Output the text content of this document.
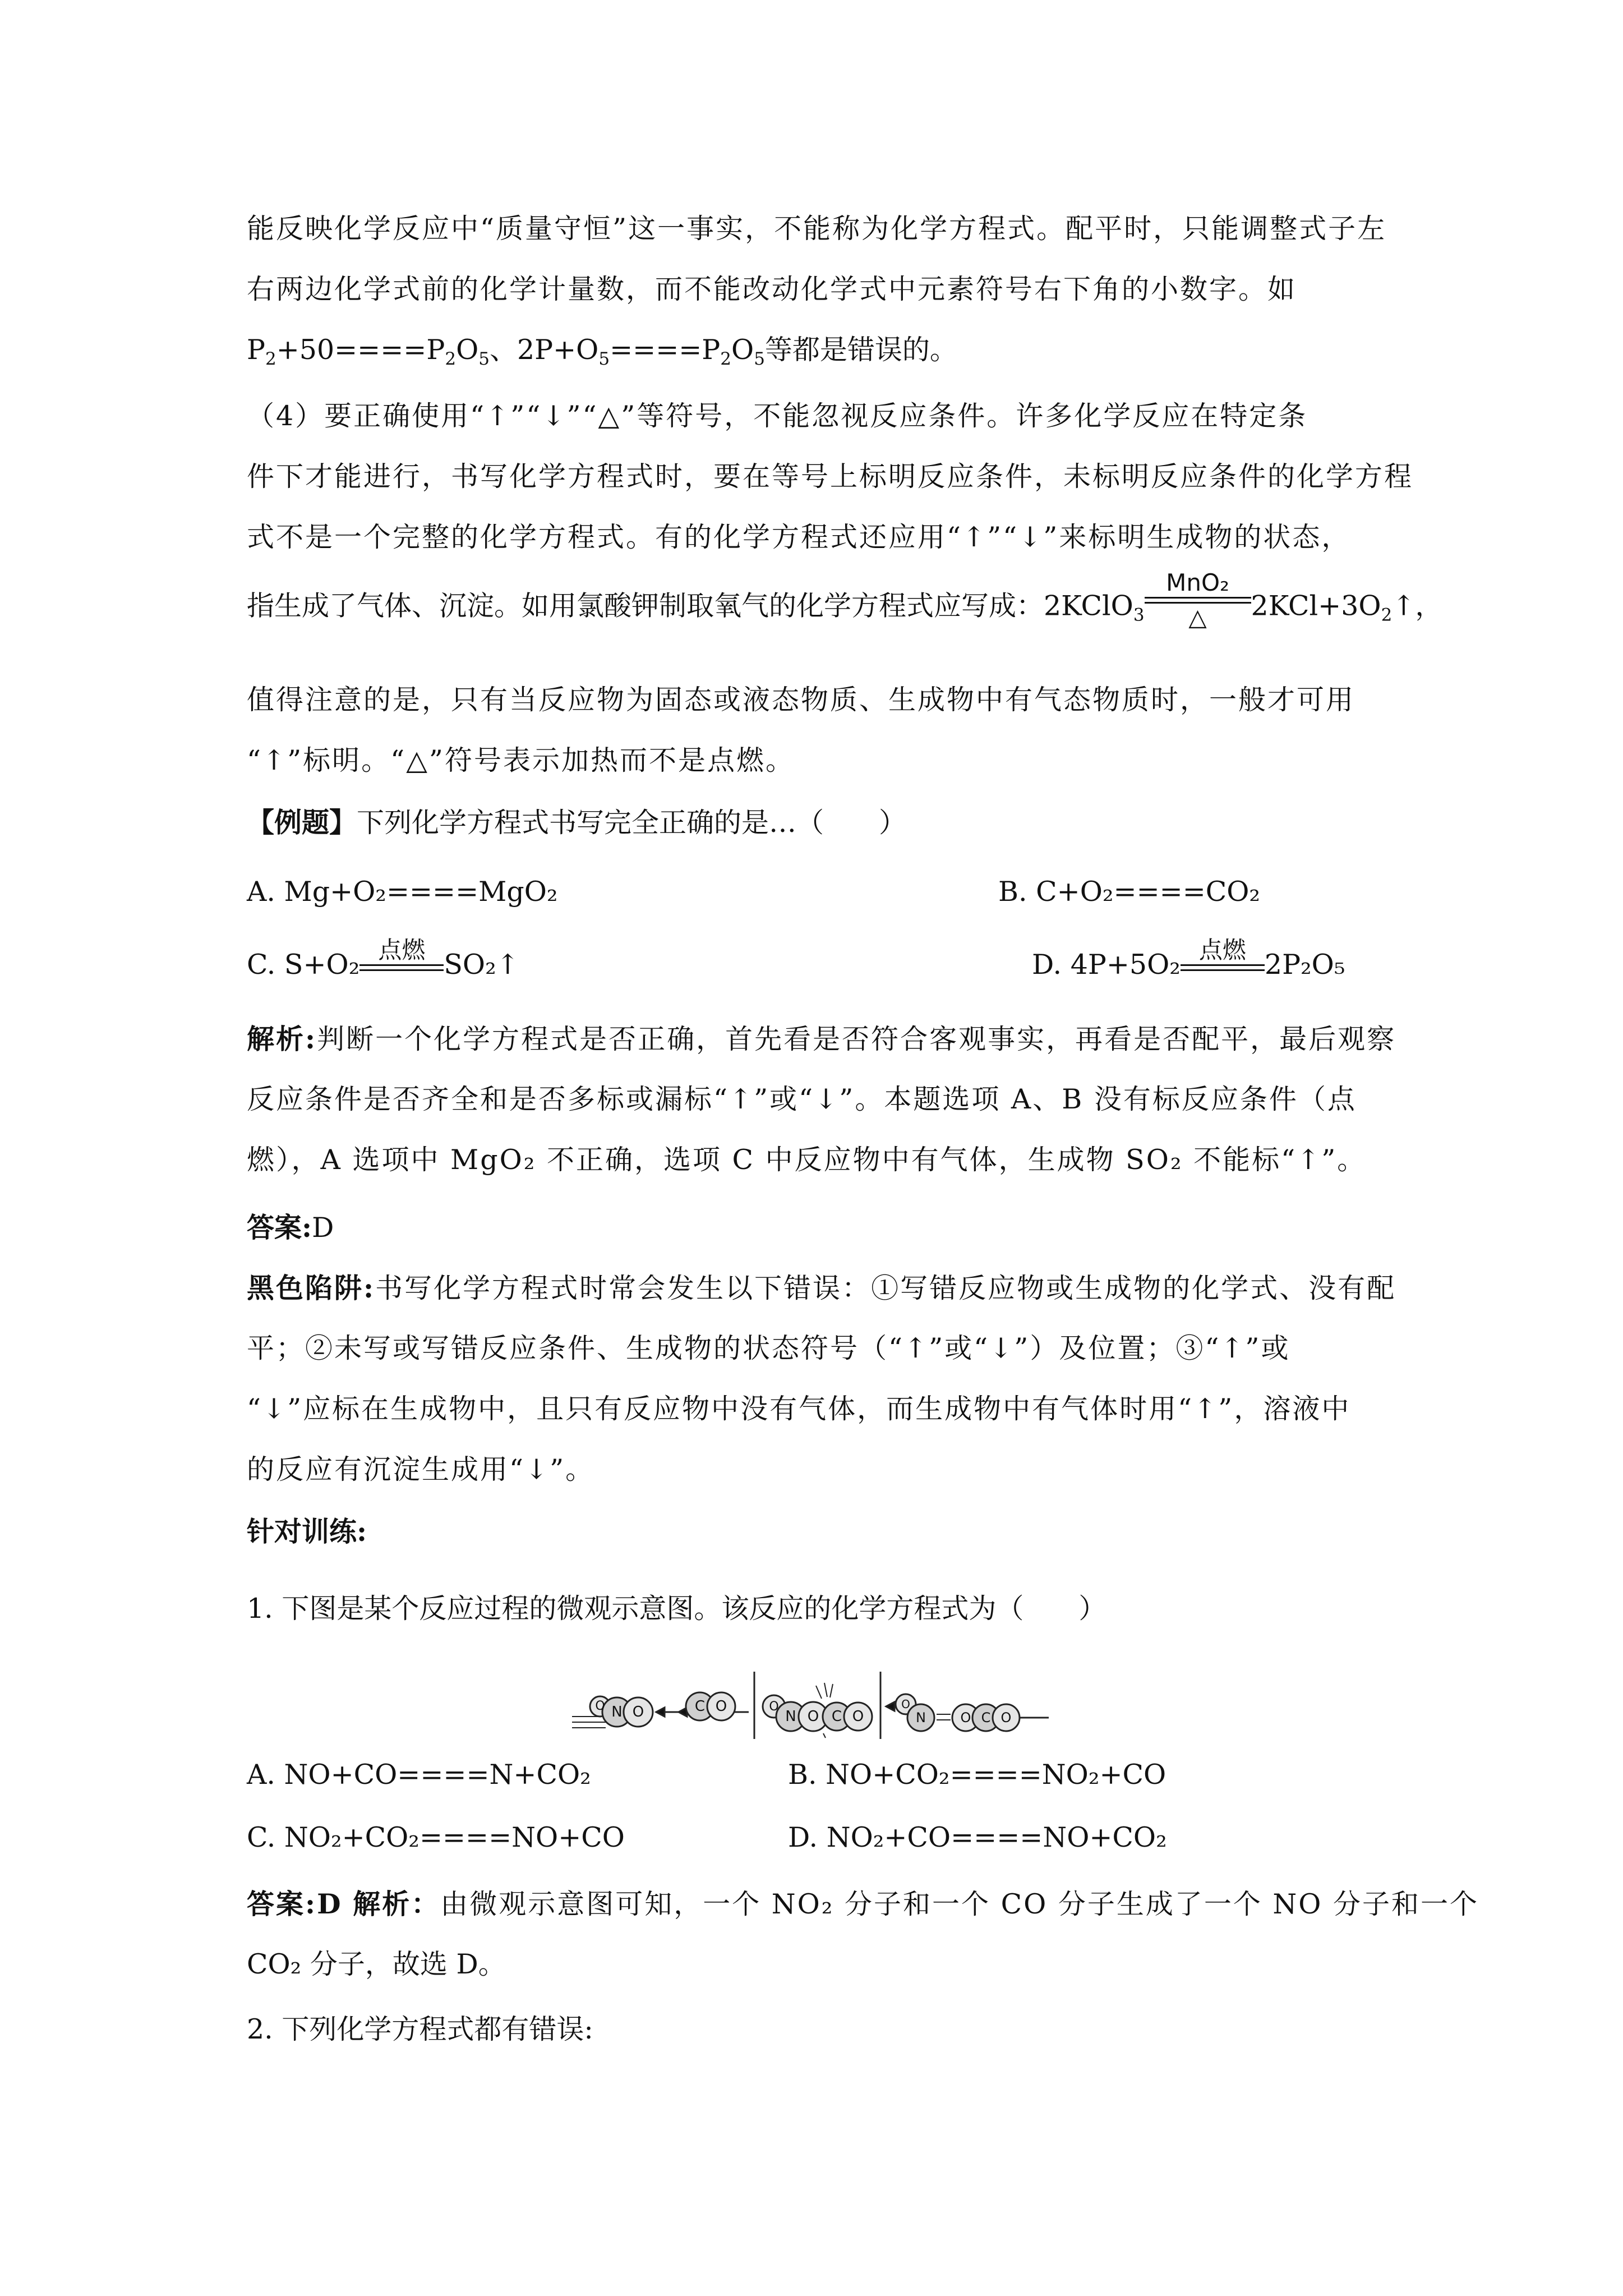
能反映化学反应中“质量守恒”这一事实，不能称为化学方程式。配平时，只能调整式子左
右两边化学式前的化学计量数，而不能改动化学式中元素符号右下角的小数字。如
$P_2+50====P_2O_5$、$2P+O_5====P_2O_5$等都是错误的。
（4）要正确使用“↑”“↓”“△”等符号，不能忽视反应条件。许多化学反应在特定条
件下才能进行，书写化学方程式时，要在等号上标明反应条件，未标明反应条件的化学方程
式不是一个完整的化学方程式。有的化学方程式还应用“↑”“↓”来标明生成物的状态，
指生成了气体、沉淀。如用氯酸钾制取氧气的化学方程式应写成：2KClO$_3$
MnO₂
△	$2KCl+3O_2↑$，
值得注意的是，只有当反应物为固态或液态物质、生成物中有气态物质时，一般才可用
“↑”标明。“△”符号表示加热而不是点燃。
【例题】下列化学方程式书写完全正确的是…（　　）
A. Mg+O₂====MgO₂	B. C+O₂====CO₂
C. S+O₂ 点燃 SO₂↑	D. 4P+5O₂ 点燃 2P₂O₅
解析:判断一个化学方程式是否正确，首先看是否符合客观事实，再看是否配平，最后观察
反应条件是否齐全和是否多标或漏标“↑”或“↓”。本题选项 A、B 没有标反应条件（点
燃），A 选项中 MgO₂ 不正确，选项 C 中反应物中有气体，生成物 SO₂ 不能标“↑”。
答案:D
黑色陷阱:书写化学方程式时常会发生以下错误：①写错反应物或生成物的化学式、没有配
平；②未写或写错反应条件、生成物的状态符号（“↑”或“↓”）及位置；③“↑”或
“↓”应标在生成物中，且只有反应物中没有气体，而生成物中有气体时用“↑”，溶液中
的反应有沉淀生成用“↓”。
针对训练:
1. 下图是某个反应过程的微观示意图。该反应的化学方程式为（　　）
O N O	C O	O
N O C O
O
N	O C O
A. NO+CO====N+CO₂	B. NO+CO₂====NO₂+CO
C. NO₂+CO₂====NO+CO	D. NO₂+CO====NO+CO₂
答案:D 解析：由微观示意图可知，一个 NO₂ 分子和一个 CO 分子生成了一个 NO 分子和一个
CO₂ 分子，故选 D。
2. 下列化学方程式都有错误:
